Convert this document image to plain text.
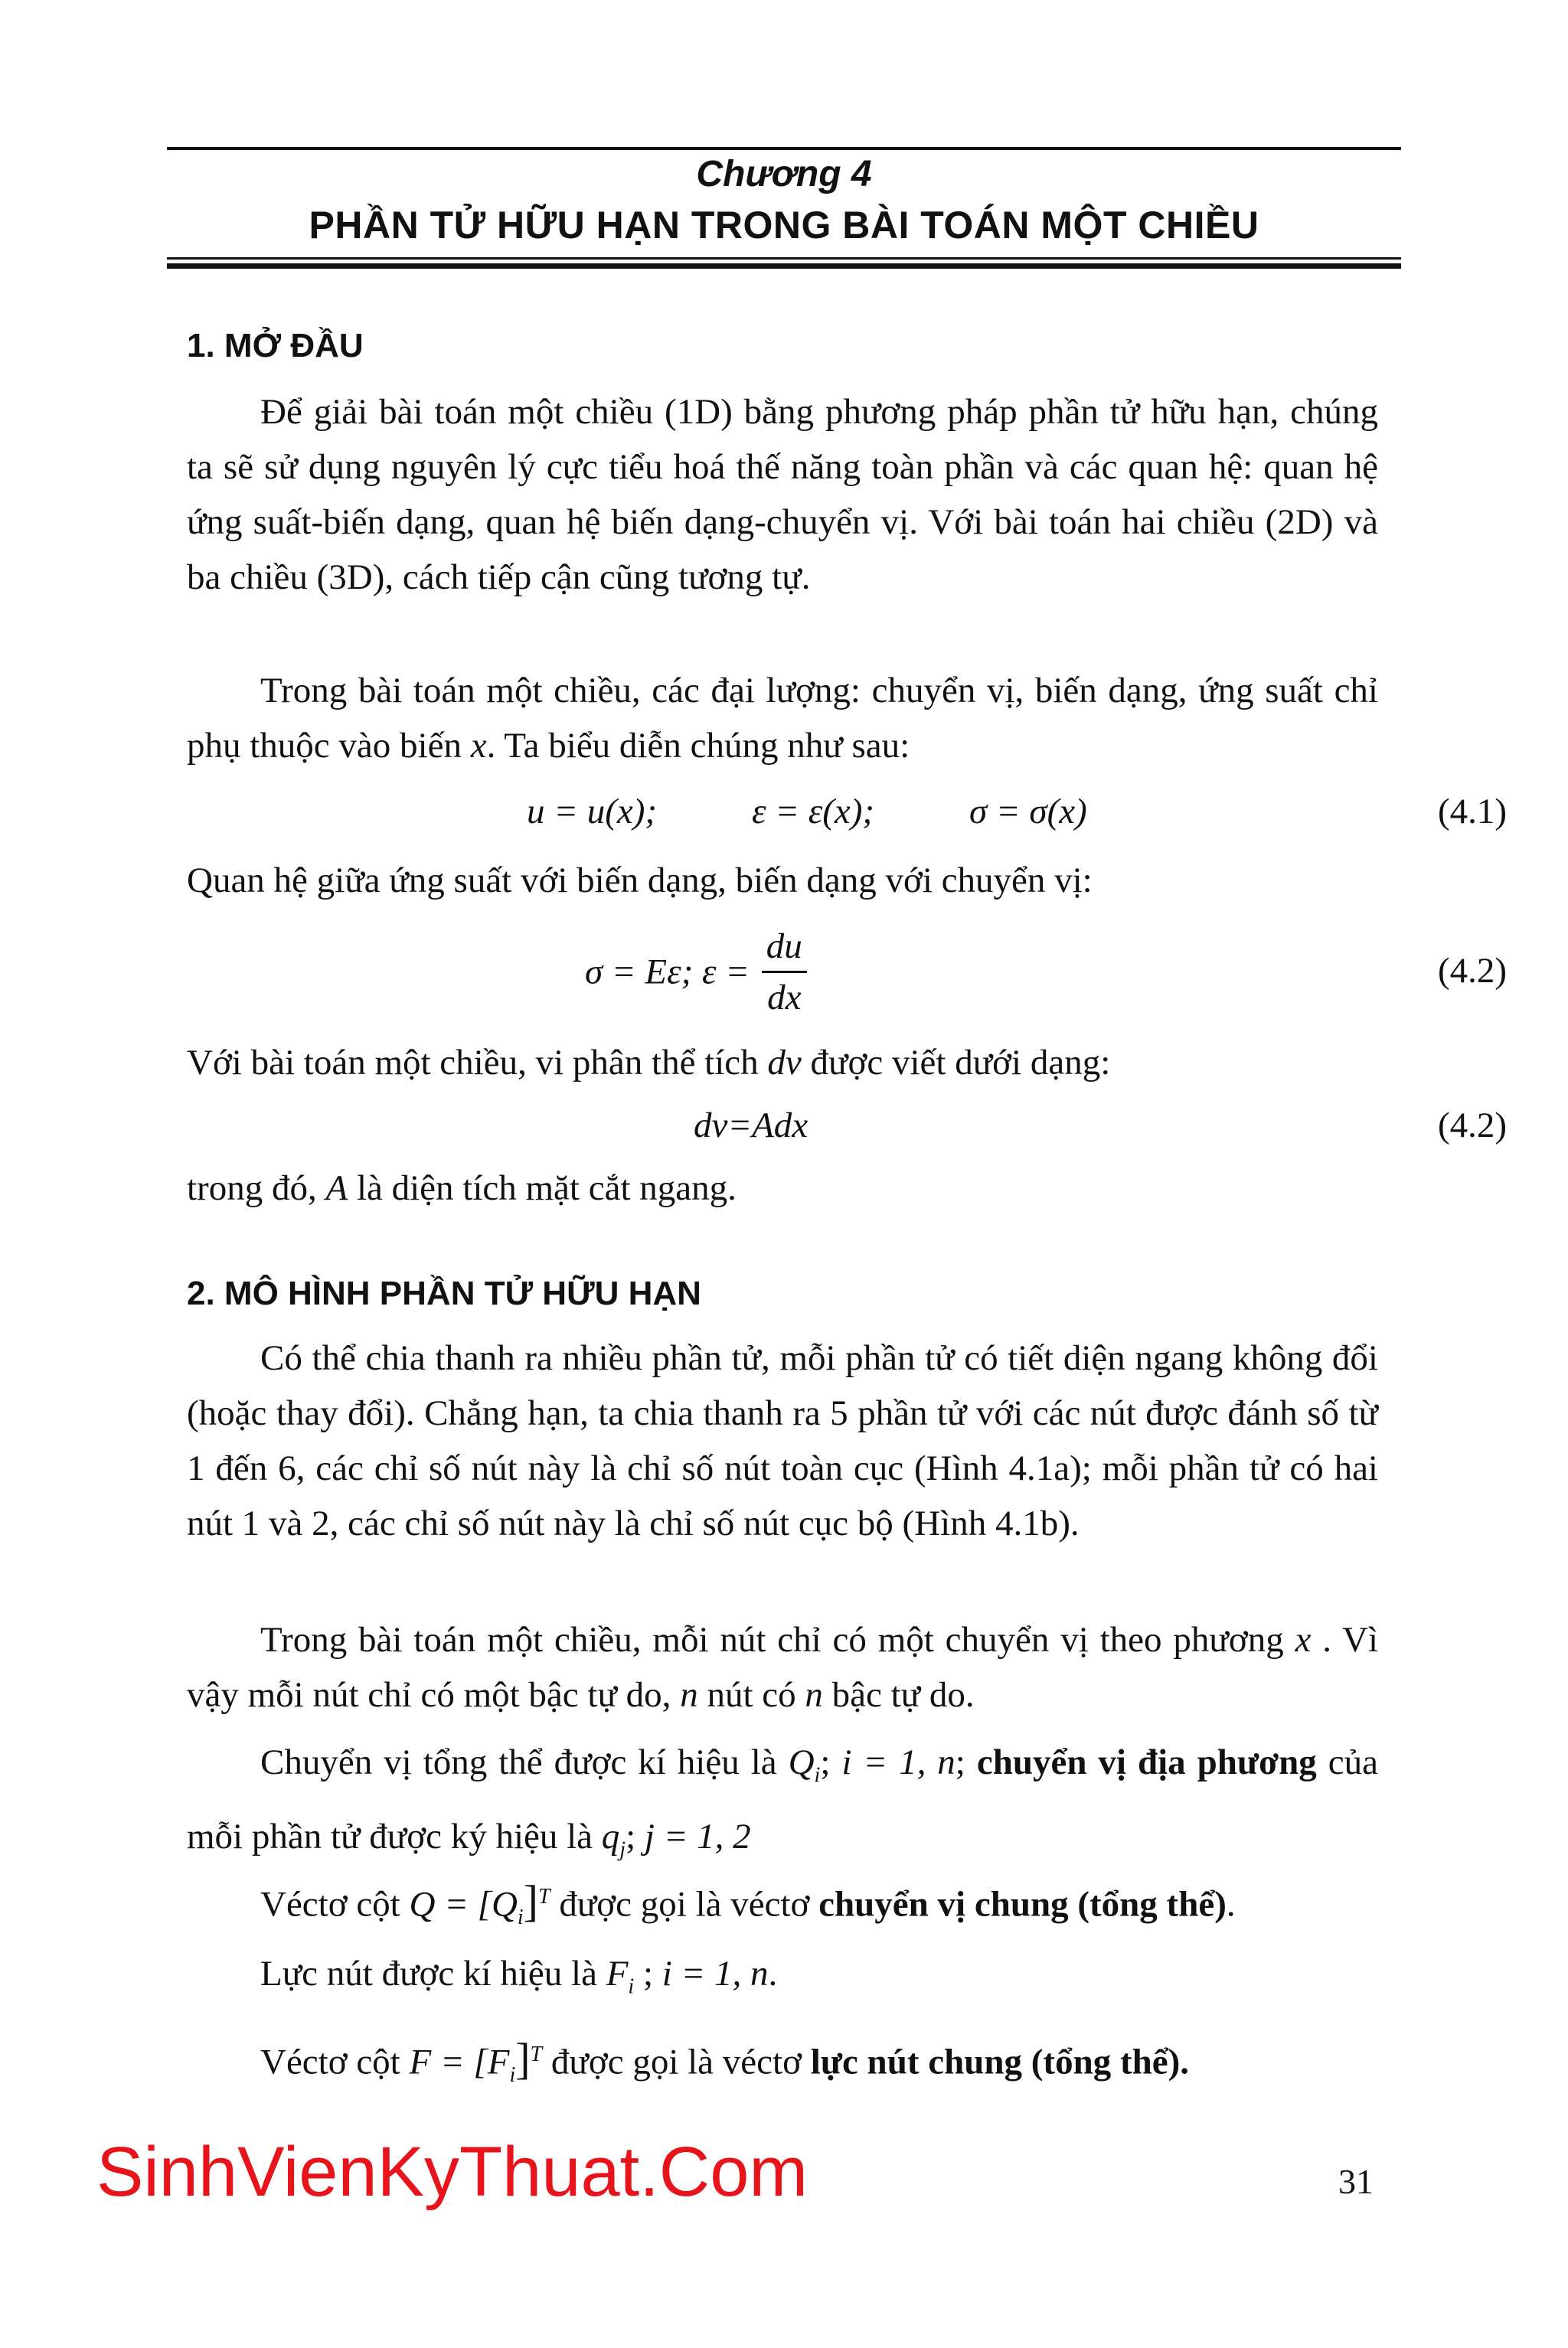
Chương 4
PHẦN TỬ HỮU HẠN TRONG BÀI TOÁN MỘT CHIỀU
1. MỞ ĐẦU
Để giải bài toán một chiều (1D) bằng phương pháp phần tử hữu hạn, chúng ta sẽ sử dụng nguyên lý cực tiểu hoá thế năng toàn phần và các quan hệ: quan hệ ứng suất-biến dạng, quan hệ biến dạng-chuyển vị. Với bài toán hai chiều (2D) và ba chiều (3D), cách tiếp cận cũng tương tự.
Trong bài toán một chiều, các đại lượng: chuyển vị, biến dạng, ứng suất chỉ phụ thuộc vào biến x. Ta biểu diễn chúng như sau:
u = u(x);	ε = ε(x);	σ = σ(x)	(4.1)
Quan hệ giữa ứng suất với biến dạng, biến dạng với chuyển vị:
σ = Eε; $\varepsilon = \frac{du}{dx}$	(4.2)
Với bài toán một chiều, vi phân thể tích dv được viết dưới dạng:
dv=Adx	(4.2)
trong đó, A là diện tích mặt cắt ngang.
2. MÔ HÌNH PHẦN TỬ HỮU HẠN
Có thể chia thanh ra nhiều phần tử, mỗi phần tử có tiết diện ngang không đổi (hoặc thay đổi). Chẳng hạn, ta chia thanh ra 5 phần tử với các nút được đánh số từ 1 đến 6, các chỉ số nút này là chỉ số nút toàn cục (Hình 4.1a); mỗi phần tử có hai nút 1 và 2, các chỉ số nút này là chỉ số nút cục bộ (Hình 4.1b).
Trong bài toán một chiều, mỗi nút chỉ có một chuyển vị theo phương x . Vì vậy mỗi nút chỉ có một bậc tự do, n nút có n bậc tự do.
Chuyển vị tổng thể được kí hiệu là $Q_i$; i = 1, n; chuyển vị địa phương của mỗi phần tử được ký hiệu là $q_j$; j = 1, 2
Véctơ cột $Q = [Q_i]^T$ được gọi là véctơ chuyển vị chung (tổng thể).
Lực nút được kí hiệu là $F_i$ ; i = 1, n.
Véctơ cột $F = [F_i]^T$ được gọi là véctơ lực nút chung (tổng thể).
SinhVienKyThuat.Com	31
